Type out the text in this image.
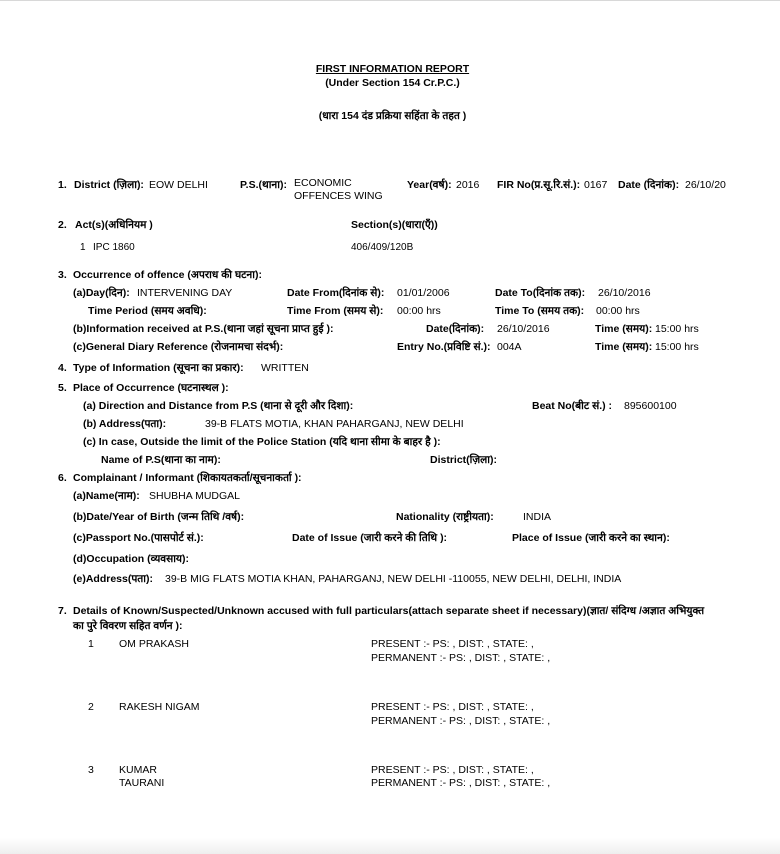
FIRST INFORMATION REPORT
(Under Section 154 Cr.P.C.)
(धारा 154 दंड प्रक्रिया सहिंता के तहत )
1. District (ज़िला): EOW DELHI	P.S.(थाना): ECONOMIC
OFFENCES WING
Year(वर्ष): 2016 FIR No(प्र.सू.रि.सं.): 0167 Date (दिनांक): 26/10/20
2. Act(s)(अधिनियम )	Section(s)(धारा(एँ))
1 IPC 1860	406/409/120B
3. Occurrence of offence (अपराध की घटना):
(a)Day(दिन): INTERVENING DAY	Date From(दिनांक से): 01/01/2006	Date To(दिनांक तक): 26/10/2016
Time Period (समय अवधि):	Time From (समय से): 00:00 hrs	Time To (समय तक): 00:00 hrs
(b)Information received at P.S.(थाना जहां सूचना प्राप्त हुई ):	Date(दिनांक): 26/10/2016	Time (समय): 15:00 hrs
(c)General Diary Reference (रोजनामचा संदर्भ):	Entry No.(प्रविष्टि सं.): 004A	Time (समय): 15:00 hrs
4. Type of Information (सूचना का प्रकार): WRITTEN
5. Place of Occurrence (घटनास्थल ):
(a) Direction and Distance from P.S (थाना से दूरी और दिशा):	Beat No(बीट सं.) : 895600100
(b) Address(पता):	39-B FLATS MOTIA, KHAN PAHARGANJ, NEW DELHI
(c) In case, Outside the limit of the Police Station (यदि थाना सीमा के बाहर है ):
Name of P.S(थाना का नाम):	District(ज़िला):
6. Complainant / Informant (शिकायतकर्ता/सूचनाकर्ता ):
(a)Name(नाम): SHUBHA MUDGAL
(b)Date/Year of Birth (जन्म तिथि /वर्ष):	Nationality (राष्ट्रीयता):	INDIA
(c)Passport No.(पासपोर्ट सं.):	Date of Issue (जारी करने की तिथि ):	Place of Issue (जारी करने का स्थान):
(d)Occupation (व्यवसाय):
(e)Address(पता): 39-B MIG FLATS MOTIA KHAN, PAHARGANJ, NEW DELHI -110055, NEW DELHI, DELHI, INDIA
7. Details of Known/Suspected/Unknown accused with full particulars(attach separate sheet if necessary)(ज्ञात/ संदिग्ध /अज्ञात अभियुक्त
का पुरे विवरण सहित वर्णन ):
1 OM PRAKASH	PRESENT :- PS: , DIST: , STATE: ,
PERMANENT :- PS: , DIST: , STATE: ,
2 RAKESH NIGAM	PRESENT :- PS: , DIST: , STATE: ,
PERMANENT :- PS: , DIST: , STATE: ,
3 KUMAR
TAURANI
PRESENT :- PS: , DIST: , STATE: ,
PERMANENT :- PS: , DIST: , STATE: ,
